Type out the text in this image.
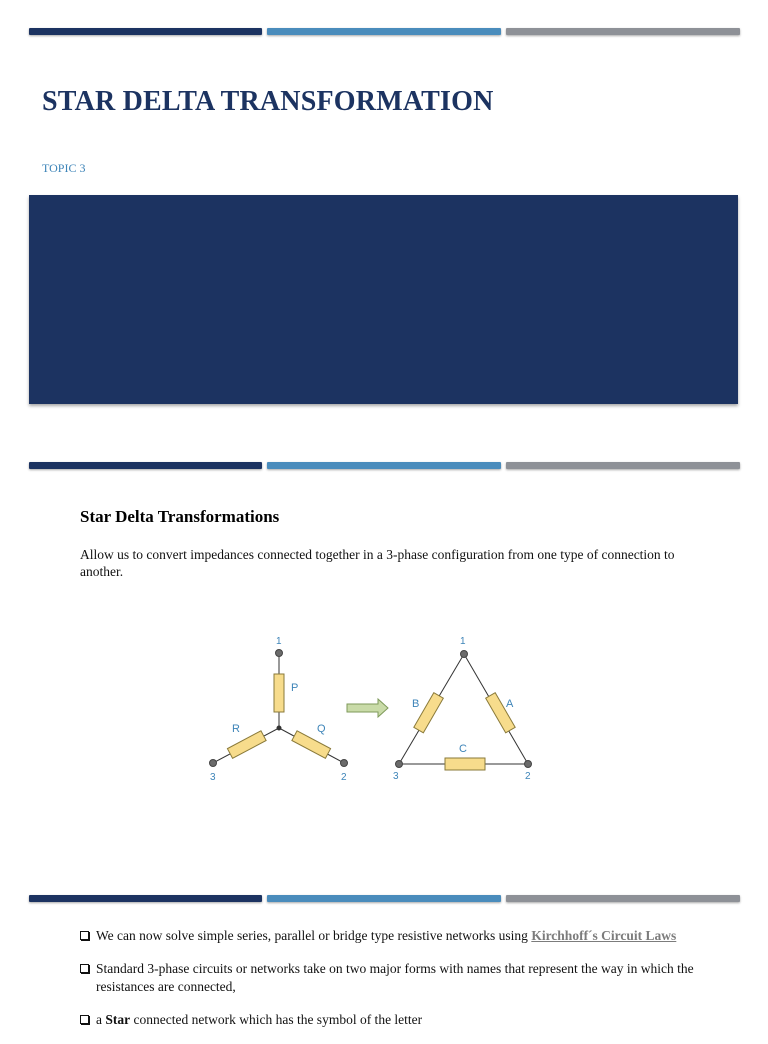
STAR DELTA TRANSFORMATION
TOPIC 3
Star Delta Transformations

Allow us to convert impedances connected together in a 3-phase configuration from one type of connection to another.

1
P
R	Q
3	2
1
B	A
C
3	2
We can now solve simple series, parallel or bridge type resistive networks using Kirchhoff´s Circuit Laws
Standard 3-phase circuits or networks take on two major forms with names that represent the way in which the resistances are connected,
a Star connected network which has the symbol of the letter
